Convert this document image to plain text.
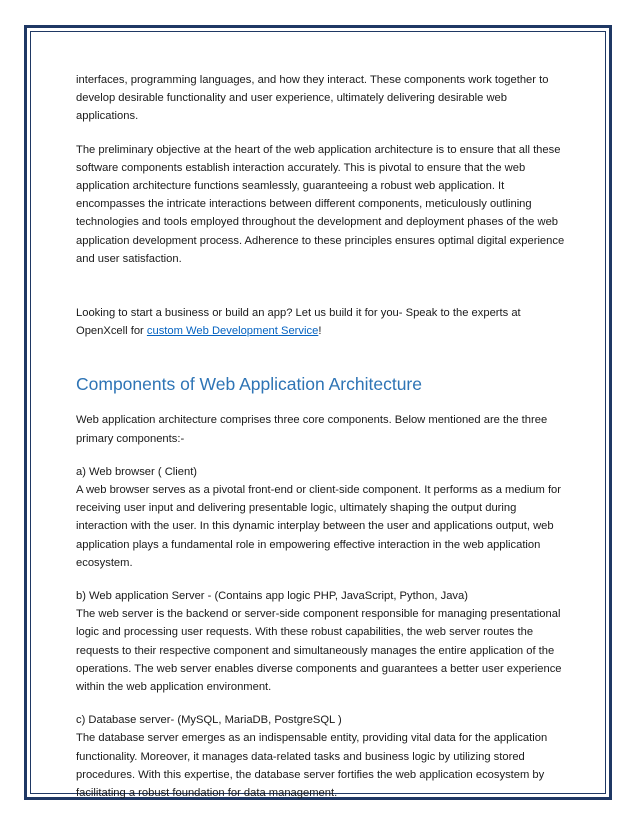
interfaces, programming languages, and how they interact. These components work together to develop desirable functionality and user experience, ultimately delivering desirable web applications.

The preliminary objective at the heart of the web application architecture is to ensure that all these software components establish interaction accurately. This is pivotal to ensure that the web application architecture functions seamlessly, guaranteeing a robust web application. It encompasses the intricate interactions between different components, meticulously outlining technologies and tools employed throughout the development and deployment phases of the web application development process. Adherence to these principles ensures optimal digital experience and user satisfaction.

Looking to start a business or build an app? Let us build it for you- Speak to the experts at OpenXcell for custom Web Development Service!

Components of Web Application Architecture

Web application architecture comprises three core components. Below mentioned are the three primary components:-

a) Web browser ( Client)

A web browser serves as a pivotal front-end or client-side component. It performs as a medium for receiving user input and delivering presentable logic, ultimately shaping the output during interaction with the user. In this dynamic interplay between the user and applications output, web application plays a fundamental role in empowering effective interaction in the web application ecosystem.

b) Web application Server - (Contains app logic PHP, JavaScript, Python, Java)

The web server is the backend or server-side component responsible for managing presentational logic and processing user requests. With these robust capabilities, the web server routes the requests to their respective component and simultaneously manages the entire application of the operations. The web server enables diverse components and guarantees a better user experience within the web application environment.

c) Database server- (MySQL, MariaDB, PostgreSQL )

The database server emerges as an indispensable entity, providing vital data for the application functionality. Moreover, it manages data-related tasks and business logic by utilizing stored procedures. With this expertise, the database server fortifies the web application ecosystem by facilitating a robust foundation for data management.
